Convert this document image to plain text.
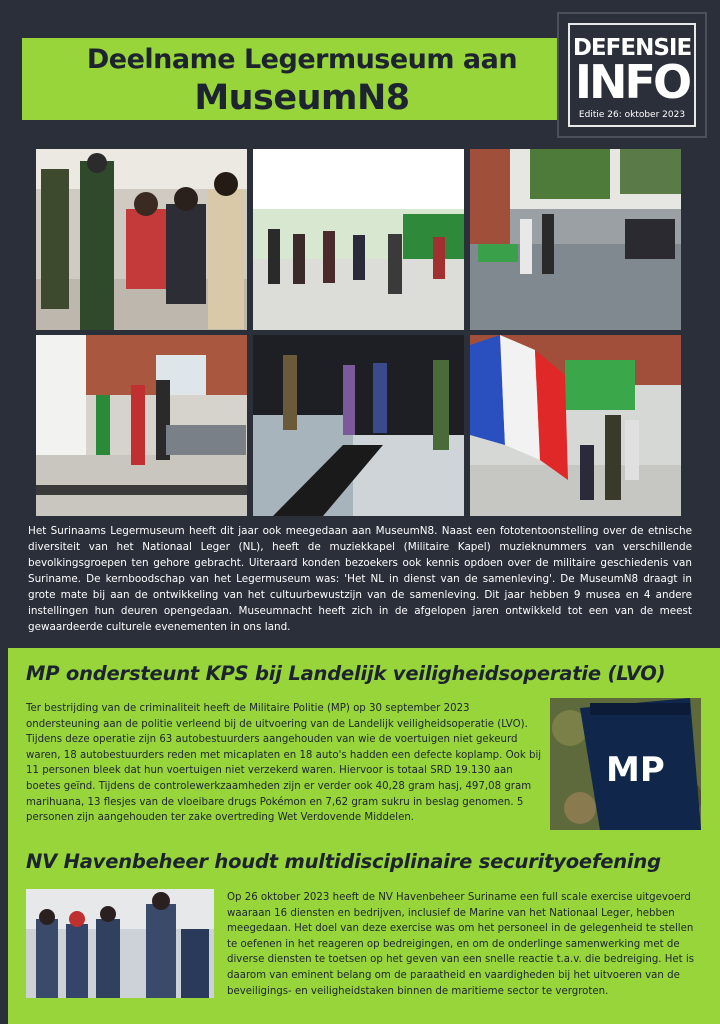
Deelname Legermuseum aan
MuseumN8
DEFENSIE
INFO
Editie 26: oktober 2023

Het Surinaams Legermuseum heeft dit jaar ook meegedaan aan MuseumN8. Naast een fototentoonstelling over de etnische diversiteit van het Nationaal Leger (NL), heeft de muziekkapel (Militaire Kapel) muzieknummers van verschillende bevolkingsgroepen ten gehore gebracht. Uiteraard konden bezoekers ook kennis opdoen over de militaire geschiedenis van Suriname. De kernboodschap van het Legermuseum was: 'Het NL in dienst van de samenleving'. De MuseumN8 draagt in grote mate bij aan de ontwikkeling van het cultuurbewustzijn van de samenleving. Dit jaar hebben 9 musea en 4 andere instellingen hun deuren opengedaan. Museumnacht heeft zich in de afgelopen jaren ontwikkeld tot een van de meest gewaardeerde culturele evenementen in ons land.

MP ondersteunt KPS bij Landelijk veiligheidsoperatie (LVO)

Ter bestrijding van de criminaliteit heeft de Militaire Politie (MP) op 30 september 2023 ondersteuning aan de politie verleend bij de uitvoering van de Landelijk veiligheidsoperatie (LVO). Tijdens deze operatie zijn 63 autobestuurders aangehouden van wie de voertuigen niet gekeurd waren, 18 autobestuurders reden met micaplaten en 18 auto's hadden een defecte koplamp. Ook bij 11 personen bleek dat hun voertuigen niet verzekerd waren. Hiervoor is totaal SRD 19.130 aan boetes geïnd. Tijdens de controlewerkzaamheden zijn er verder ook 40,28 gram hasj, 497,08 gram marihuana, 13 flesjes van de vloeibare drugs Pokémon en 7,62 gram sukru in beslag genomen. 5 personen zijn aangehouden ter zake overtreding Wet Verdovende Middelen.

MP
NV Havenbeheer houdt multidisciplinaire securityoefening

Op 26 oktober 2023 heeft de NV Havenbeheer Suriname een full scale exercise uitgevoerd waaraan 16 diensten en bedrijven, inclusief de Marine van het Nationaal Leger, hebben meegedaan. Het doel van deze exercise was om het personeel in de gelegenheid te stellen te oefenen in het reageren op bedreigingen, en om de onderlinge samenwerking met de diverse diensten te toetsen op het geven van een snelle reactie t.a.v. die bedreiging. Het is daarom van eminent belang om de paraatheid en vaardigheden bij het uitvoeren van de beveiligings- en veiligheidstaken binnen de maritieme sector te vergroten.
